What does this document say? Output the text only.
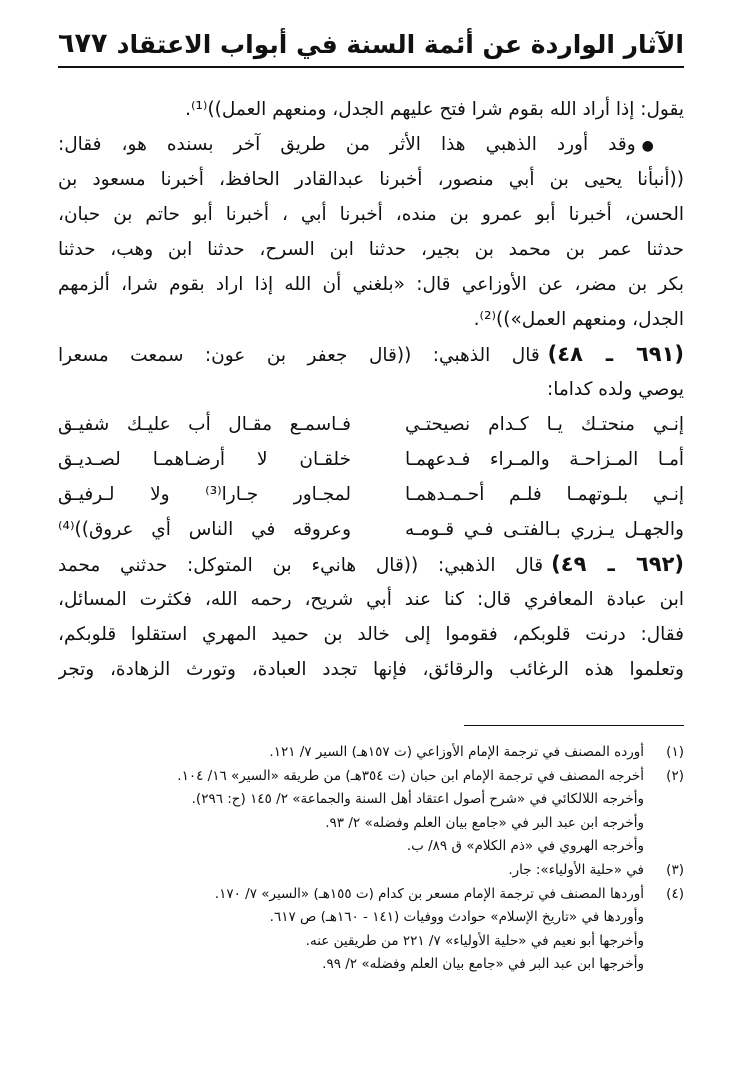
الآثار الواردة عن أئمة السنة في أبواب الاعتقاد
٦٧٧
يقول: إذا أراد الله بقوم شرا فتح عليهم الجدل، ومنعهم العمل))⁽¹⁾.
●وقد أورد الذهبي هذا الأثر من طريق آخر بسنده هو، فقال:
((أنبأنا يحيى بن أبي منصور، أخبرنا عبدالقادر الحافظ، أخبرنا مسعود بن
الحسن، أخبرنا أبو عمرو بن منده، أخبرنا أبي ، أخبرنا أبو حاتم بن حبان،
حدثنا عمر بن محمد بن بجير، حدثنا ابن السرح، حدثنا ابن وهب، حدثنا
بكر بن مضر، عن الأوزاعي قال: «بلغني أن الله إذا اراد بقوم شرا، ألزمهم
الجدل، ومنعهم العمل»))⁽²⁾.
(٦٩١ ـ ٤٨)قال الذهبي: ((قال جعفر بن عون: سمعت مسعرا
يوصي ولده كداما:
إنـي منحتـك يـا كـدام نصيحتـي
فـاسمـع مقـال أب عليـك شفيـق
أمـا المـزاحـة والمـراء فـدعهمـا
خلقـان لا أرضـاهمـا لصـديـق
إنـي بلـوتهمـا فلـم أحـمـدهمـا
لمجـاور جـارا⁽³⁾ ولا لـرفيـق
والجهـل يـزري بـالفتـى فـي قـومـه
وعروقه في الناس أي عروق))⁽⁴⁾
(٦٩٢ ـ ٤٩)قال الذهبي: ((قال هانيء بن المتوكل: حدثني محمد
ابن عبادة المعافري قال: كنا عند أبي شريح، رحمه الله، فكثرت المسائل،
فقال: درنت قلوبكم، فقوموا إلى خالد بن حميد المهري استقلوا قلوبكم،
وتعلموا هذه الرغائب والرقائق، فإنها تجدد العبادة، وتورث الزهادة، وتجر
(١)أورده المصنف في ترجمة الإمام الأوزاعي (ت ١٥٧هـ) السير ٧/ ١٢١.
(٢)أخرجه المصنف في ترجمة الإمام ابن حبان (ت ٣٥٤هـ) من طريقه «السير» ١٦/ ١٠٤.
وأخرجه اللالكائي في «شرح أصول اعتقاد أهل السنة والجماعة» ٢/ ١٤٥ (ح: ٢٩٦).
وأخرجه ابن عبد البر في «جامع بيان العلم وفضله» ٢/ ٩٣.
وأخرجه الهروي في «ذم الكلام» ق ٨٩/ ب.
(٣)في «حلية الأولياء»: جار.
(٤)أوردها المصنف في ترجمة الإمام مسعر بن كدام (ت ١٥٥هـ) «السير» ٧/ ١٧٠.
وأوردها في «تاريخ الإسلام» حوادث ووفيات (١٤١ - ١٦٠هـ) ص ٦١٧.
وأخرجها أبو نعيم في «حلية الأولياء» ٧/ ٢٢١ من طريقين عنه.
وأخرجها ابن عبد البر في «جامع بيان العلم وفضله» ٢/ ٩٩.
